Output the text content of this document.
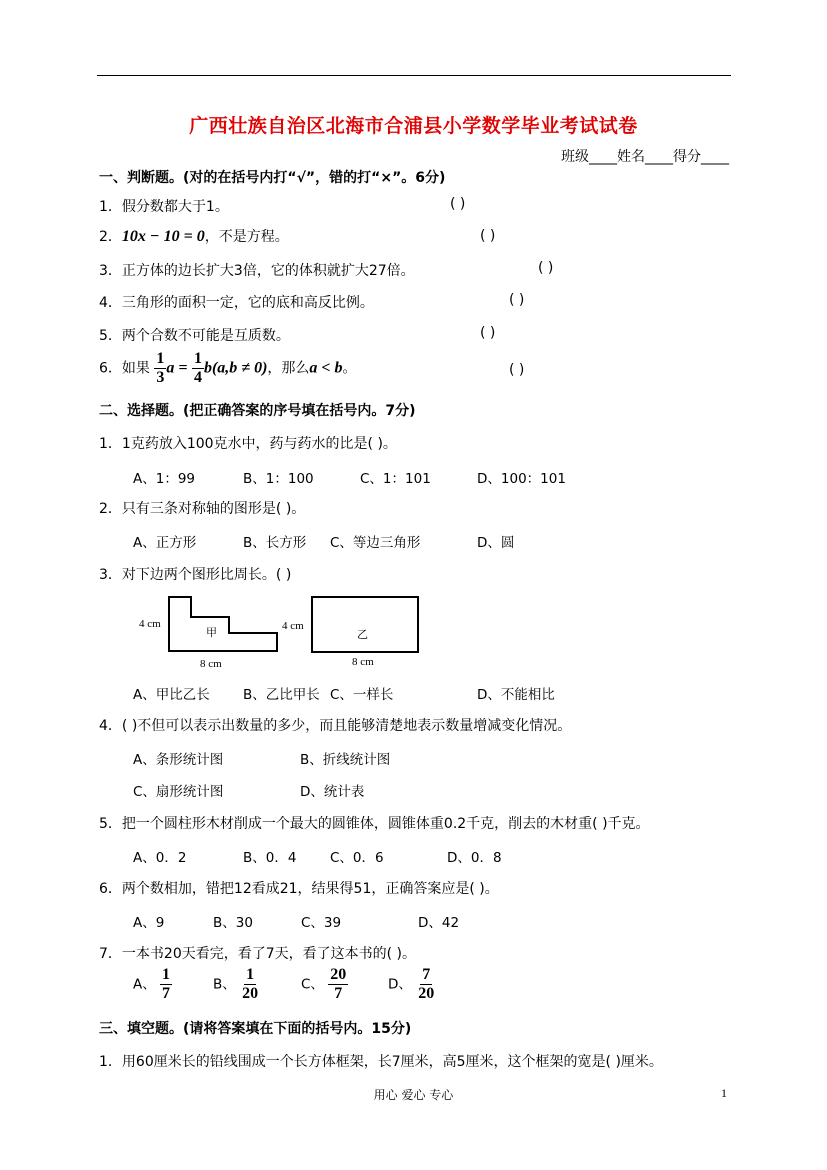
广西壮族自治区北海市合浦县小学数学毕业考试试卷
班级____姓名____得分____
一、判断题。(对的在括号内打“√”，错的打“×”。6分)
1．假分数都大于1。	( )
2．10x − 10 = 0，不是方程。	( )
3．正方体的边长扩大3倍，它的体积就扩大27倍。	( )
4．三角形的面积一定，它的底和高反比例。	( )
5．两个合数不可能是互质数。	( )
6．如果 $\frac{1}{3}$ $a = \frac{1}{4} b(a,b \ne 0)$，那么a < b。	( )
二、选择题。(把正确答案的序号填在括号内。7分)
1．1克药放入100克水中，药与药水的比是( )。
A、1：99	B、1：100	C、1：101	D、100：101
2．只有三条对称轴的图形是( )。
A、正方形	B、长方形 C、等边三角形	D、圆
3．对下边两个图形比周长。( )
4 cm
8 cm
甲	4 cm
8 cm
乙
A、甲比乙长 B、乙比甲长 C、一样长	D、不能相比
4．( )不但可以表示出数量的多少，而且能够清楚地表示数量增减变化情况。
A、条形统计图	B、折线统计图
C、扇形统计图	D、统计表
5．把一个圆柱形木材削成一个最大的圆锥体，圆锥体重0.2千克，削去的木材重( )千克。
A、0．2	B、0．4 C、0．6	D、0．8
6．两个数相加，错把12看成21，结果得51，正确答案应是( )。
A、9	B、30	C、39	D、42
7．一本书20天看完，看了7天，看了这本书的( )。
A、 $\frac{1}{7}$	B、 $\frac{1}{20}$	C、 $\frac{20}{7}$	D、 $\frac{7}{20}$
三、填空题。(请将答案填在下面的括号内。15分)
1．用60厘米长的铅线围成一个长方体框架，长7厘米，高5厘米，这个框架的宽是( )厘米。
用心 爱心 专心	1
